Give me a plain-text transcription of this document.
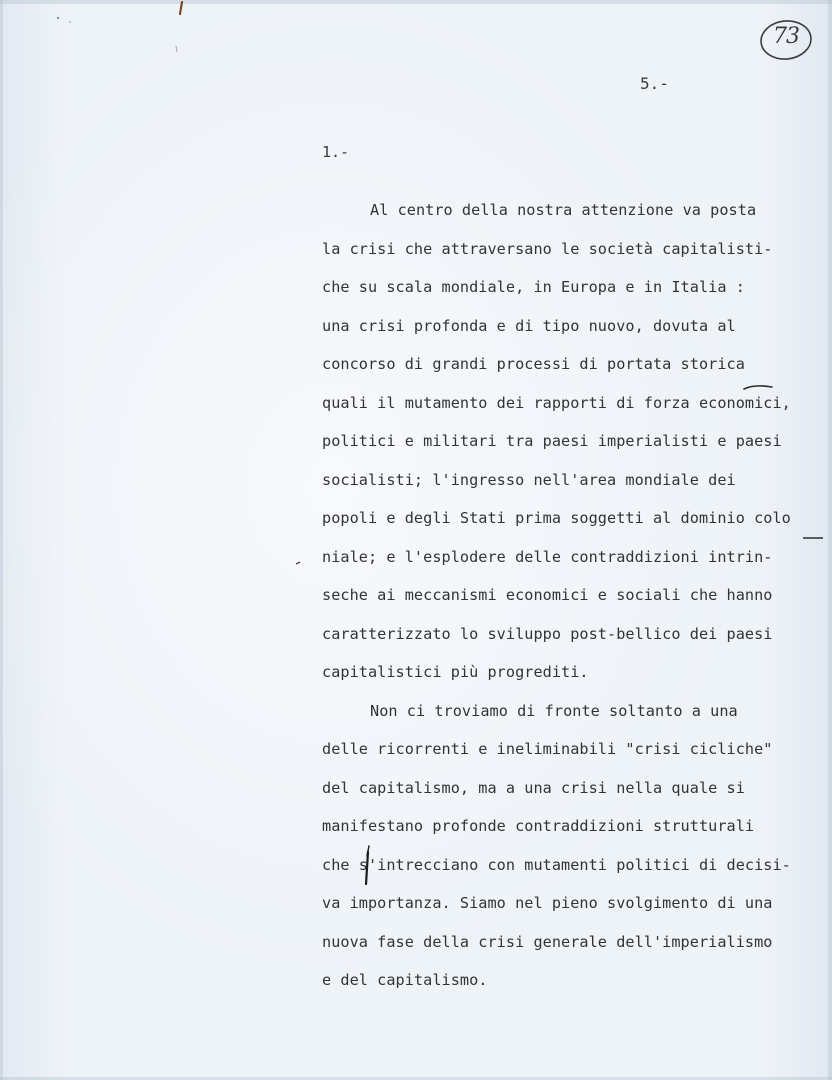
73
5.-
1.-
Al centro della nostra attenzione va posta
la crisi che attraversano le società capitalisti-
che su scala mondiale, in Europa e in Italia :
una crisi profonda e di tipo nuovo, dovuta al
concorso di grandi processi di portata storica
quali il mutamento dei rapporti di forza economici,
politici e militari tra paesi imperialisti e paesi
socialisti; l'ingresso nell'area mondiale dei
popoli e degli Stati prima soggetti al dominio colo
niale; e l'esplodere delle contraddizioni intrin-
seche ai meccanismi economici e sociali che hanno
caratterizzato lo sviluppo post-bellico dei paesi
capitalistici più progrediti.
Non ci troviamo di fronte soltanto a una
delle ricorrenti e ineliminabili "crisi cicliche"
del capitalismo, ma a una crisi nella quale si
manifestano profonde contraddizioni strutturali
che s'intrecciano con mutamenti politici di decisi-
va importanza. Siamo nel pieno svolgimento di una
nuova fase della crisi generale dell'imperialismo
e del capitalismo.
